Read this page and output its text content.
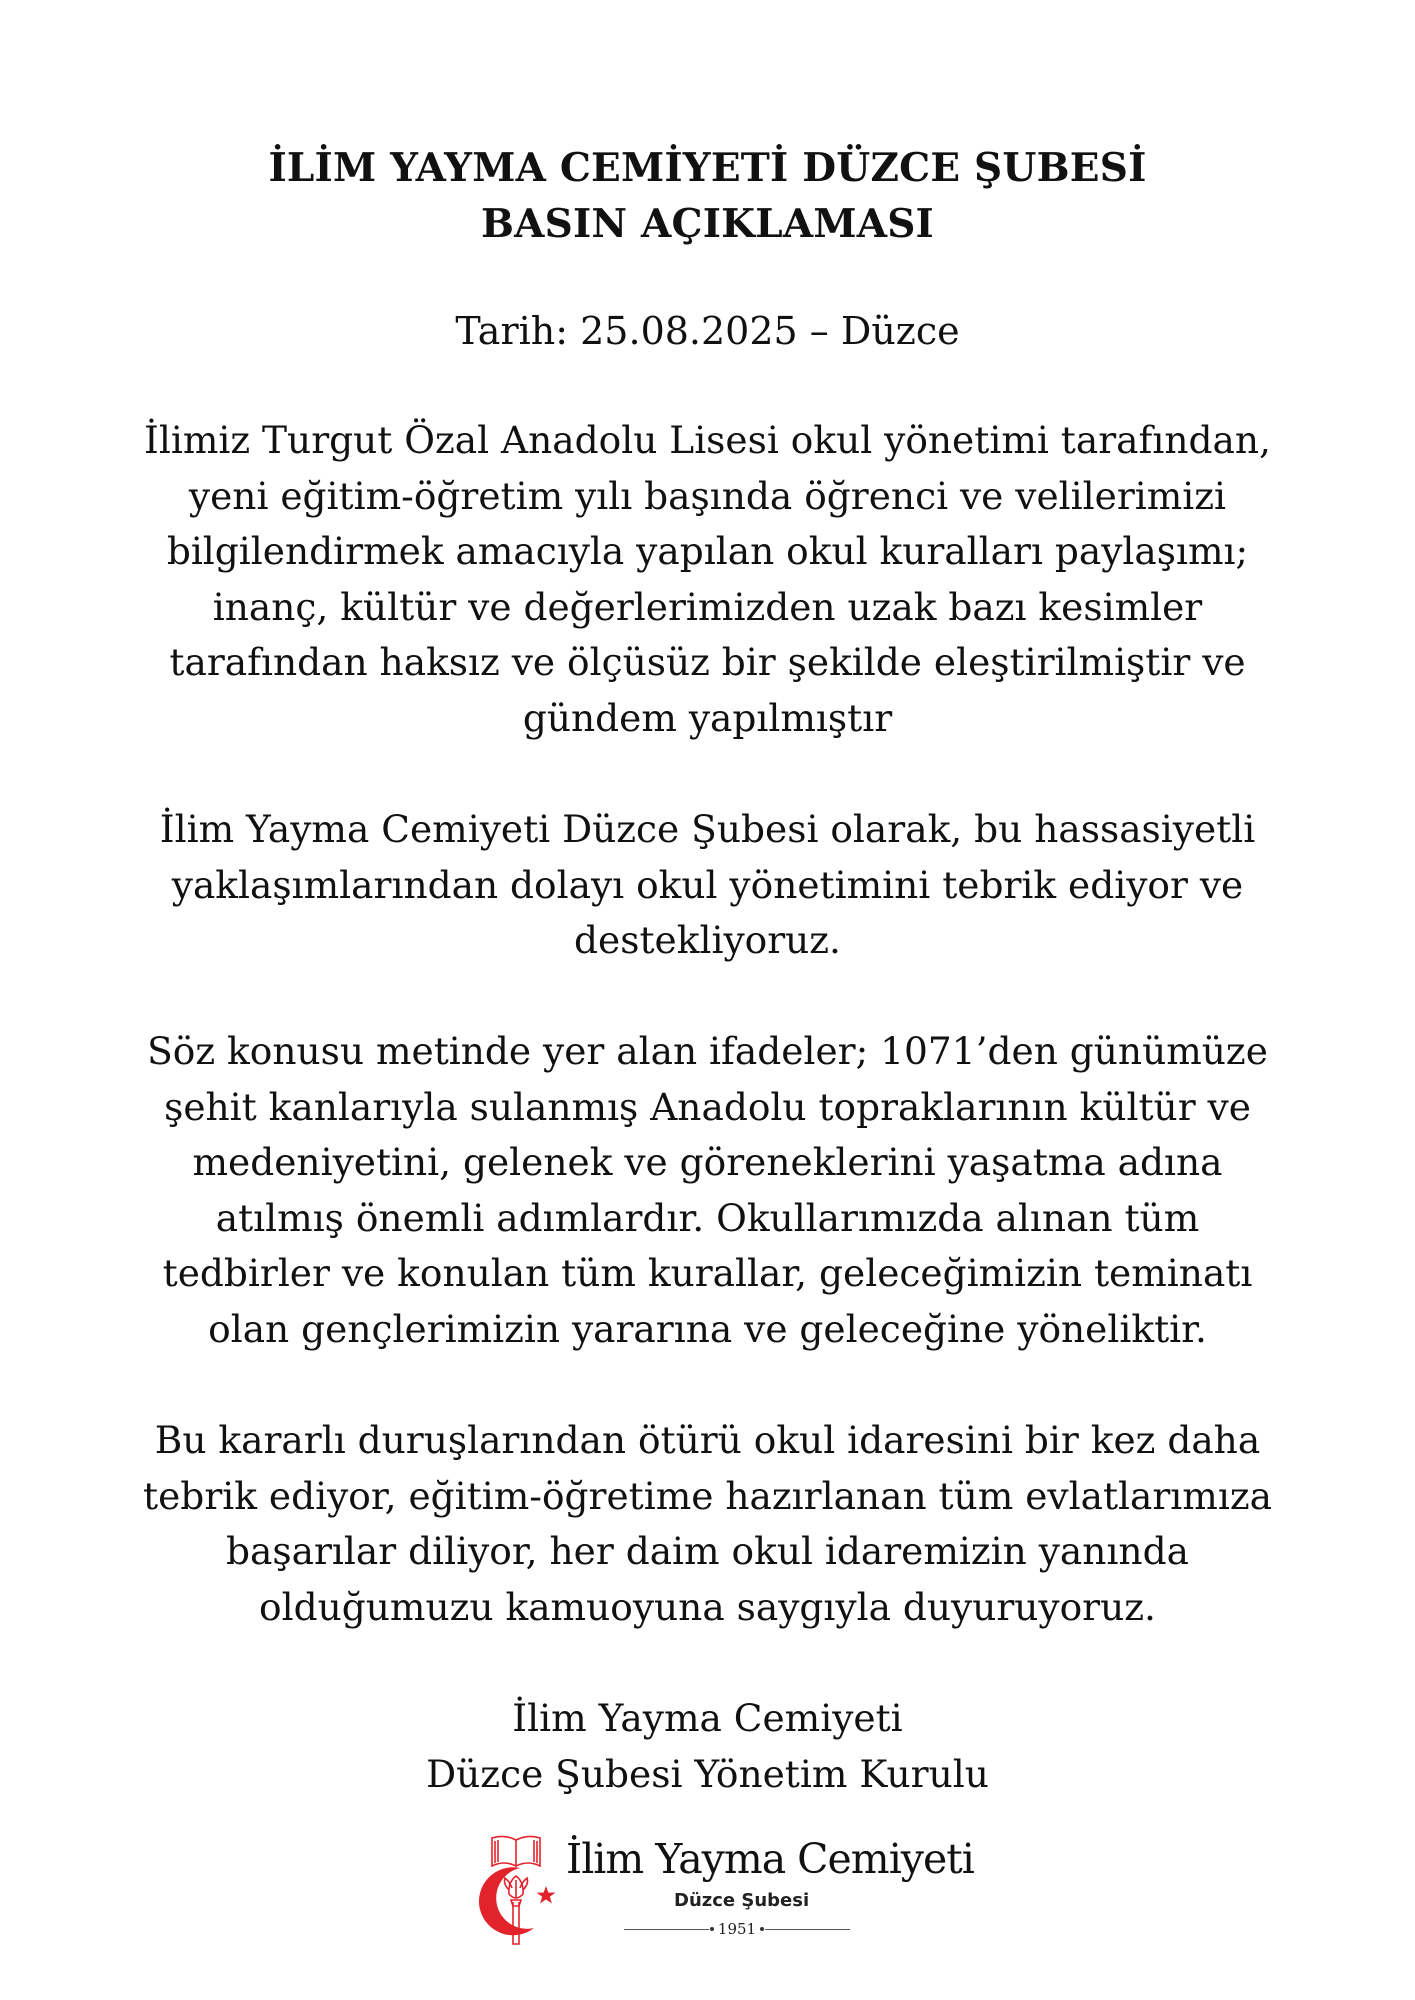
İLİM YAYMA CEMİYETİ DÜZCE ŞUBESİ
BASIN AÇIKLAMASI
Tarih: 25.08.2025 – Düzce
İlimiz Turgut Özal Anadolu Lisesi okul yönetimi tarafından,
yeni eğitim-öğretim yılı başında öğrenci ve velilerimizi
bilgilendirmek amacıyla yapılan okul kuralları paylaşımı;
inanç, kültür ve değerlerimizden uzak bazı kesimler
tarafından haksız ve ölçüsüz bir şekilde eleştirilmiştir ve
gündem yapılmıştır
İlim Yayma Cemiyeti Düzce Şubesi olarak, bu hassasiyetli
yaklaşımlarından dolayı okul yönetimini tebrik ediyor ve
destekliyoruz.
Söz konusu metinde yer alan ifadeler; 1071’den günümüze
şehit kanlarıyla sulanmış Anadolu topraklarının kültür ve
medeniyetini, gelenek ve göreneklerini yaşatma adına
atılmış önemli adımlardır. Okullarımızda alınan tüm
tedbirler ve konulan tüm kurallar, geleceğimizin teminatı
olan gençlerimizin yararına ve geleceğine yöneliktir.
Bu kararlı duruşlarından ötürü okul idaresini bir kez daha
tebrik ediyor, eğitim-öğretime hazırlanan tüm evlatlarımıza
başarılar diliyor, her daim okul idaremizin yanında
olduğumuzu kamuoyuna saygıyla duyuruyoruz.
İlim Yayma Cemiyeti
Düzce Şubesi Yönetim Kurulu
İlim Yayma Cemiyeti
Düzce Şubesi
1951
